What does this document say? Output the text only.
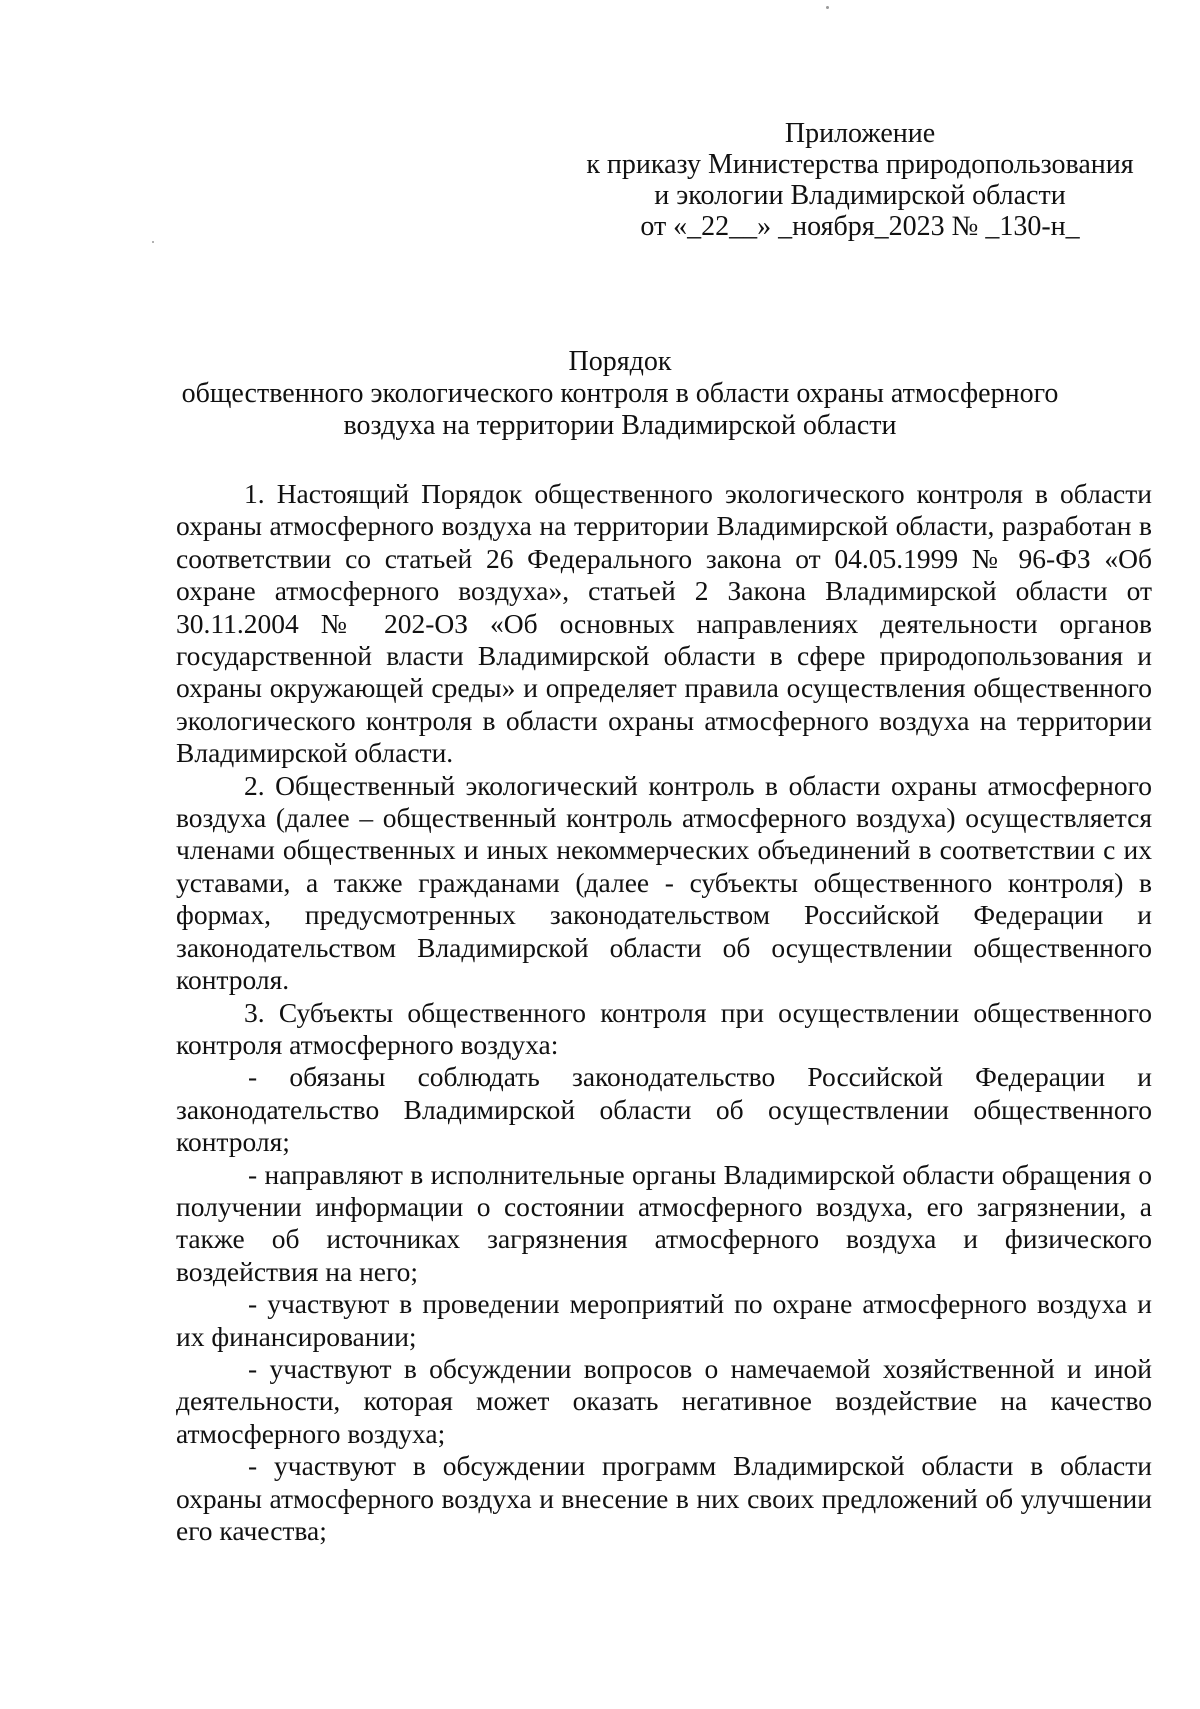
Приложение
к приказу Министерства природопользования
и экологии Владимирской области
от «_22__» _ноября_2023 № _130-н_
Порядок
общественного экологического контроля в области охраны атмосферного
воздуха на территории Владимирской области

1. Настоящий Порядок общественного экологического контроля в области охраны атмосферного воздуха на территории Владимирской области, разработан в соответствии со статьей 26 Федерального закона от 04.05.1999 № 96-ФЗ «Об охране атмосферного воздуха», статьей 2 Закона Владимирской области от 30.11.2004 № 202-ОЗ «Об основных направлениях деятельности органов государственной власти Владимирской области в сфере природопользования и охраны окружающей среды» и определяет правила осуществления общественного экологического контроля в области охраны атмосферного воздуха на территории Владимирской области.

2. Общественный экологический контроль в области охраны атмосферного воздуха (далее – общественный контроль атмосферного воздуха) осуществляется членами общественных и иных некоммерческих объединений в соответствии с их уставами, а также гражданами (далее - субъекты общественного контроля) в формах, предусмотренных законодательством Российской Федерации и законодательством Владимирской области об осуществлении общественного контроля.

3. Субъекты общественного контроля при осуществлении общественного контроля атмосферного воздуха:

- обязаны соблюдать законодательство Российской Федерации и законодательство Владимирской области об осуществлении общественного контроля;

- направляют в исполнительные органы Владимирской области обращения о получении информации о состоянии атмосферного воздуха, его загрязнении, а также об источниках загрязнения атмосферного воздуха и физического воздействия на него;

- участвуют в проведении мероприятий по охране атмосферного воздуха и их финансировании;

- участвуют в обсуждении вопросов о намечаемой хозяйственной и иной деятельности, которая может оказать негативное воздействие на качество атмосферного воздуха;

- участвуют в обсуждении программ Владимирской области в области охраны атмосферного воздуха и внесение в них своих предложений об улучшении его качества;
